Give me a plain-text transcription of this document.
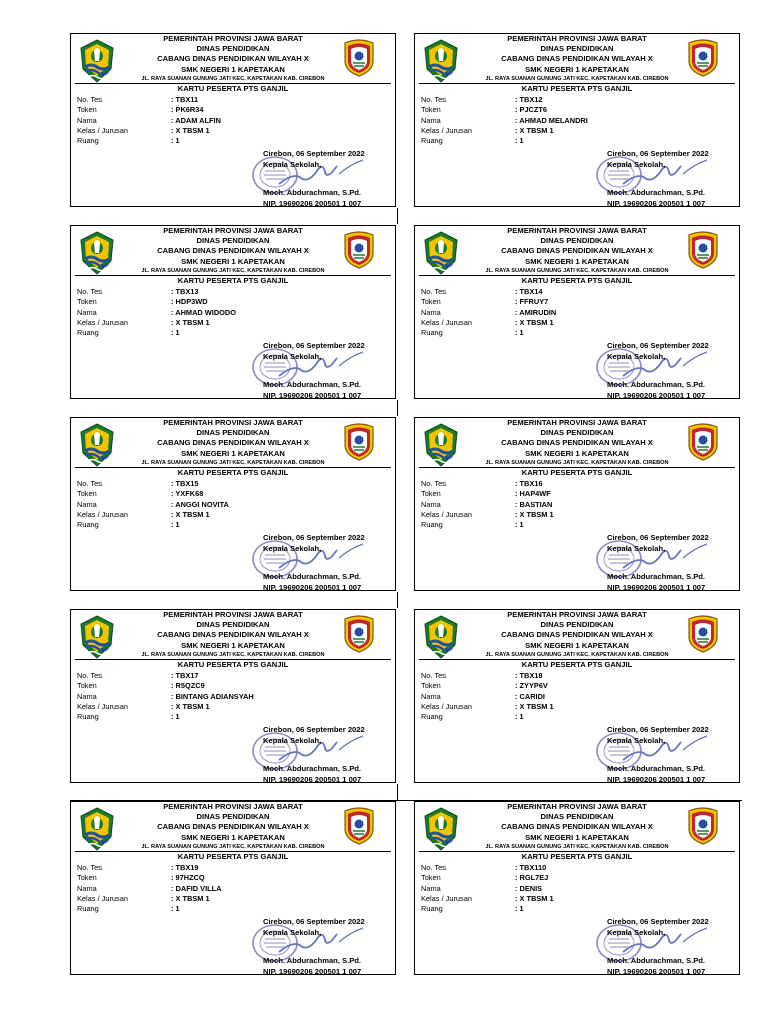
PEMERINTAH PROVINSI JAWA BARAT
DINAS PENDIDIKAN
CABANG DINAS PENDIDIKAN WILAYAH X
SMK NEGERI 1 KAPETAKAN
JL. RAYA SUANAN GUNUNG JATI KEC. KAPETAKAN KAB. CIREBON
KARTU PESERTA PTS GANJIL
No. Tes	: TBX11
Token	: PK6R34
Nama	: ADAM ALFIN
Kelas / Jurusan	: X TBSM 1
Ruang	: 1
Cirebon, 06 September 2022
Kepala Sekolah,
Moch. Abdurachman, S.Pd.
NIP. 19690206 200501 1 007
PEMERINTAH PROVINSI JAWA BARAT
DINAS PENDIDIKAN
CABANG DINAS PENDIDIKAN WILAYAH X
SMK NEGERI 1 KAPETAKAN
JL. RAYA SUANAN GUNUNG JATI KEC. KAPETAKAN KAB. CIREBON
KARTU PESERTA PTS GANJIL
No. Tes	: TBX12
Token	: PJCZT6
Nama	: AHMAD MELANDRI
Kelas / Jurusan	: X TBSM 1
Ruang	: 1
Cirebon, 06 September 2022
Kepala Sekolah,
Moch. Abdurachman, S.Pd.
NIP. 19690206 200501 1 007
PEMERINTAH PROVINSI JAWA BARAT
DINAS PENDIDIKAN
CABANG DINAS PENDIDIKAN WILAYAH X
SMK NEGERI 1 KAPETAKAN
JL. RAYA SUANAN GUNUNG JATI KEC. KAPETAKAN KAB. CIREBON
KARTU PESERTA PTS GANJIL
No. Tes	: TBX13
Token	: HDP3WD
Nama	: AHMAD WIDODO
Kelas / Jurusan	: X TBSM 1
Ruang	: 1
Cirebon, 06 September 2022
Kepala Sekolah,
Moch. Abdurachman, S.Pd.
NIP. 19690206 200501 1 007
PEMERINTAH PROVINSI JAWA BARAT
DINAS PENDIDIKAN
CABANG DINAS PENDIDIKAN WILAYAH X
SMK NEGERI 1 KAPETAKAN
JL. RAYA SUANAN GUNUNG JATI KEC. KAPETAKAN KAB. CIREBON
KARTU PESERTA PTS GANJIL
No. Tes	: TBX14
Token	: FFRUY7
Nama	: AMIRUDIN
Kelas / Jurusan	: X TBSM 1
Ruang	: 1
Cirebon, 06 September 2022
Kepala Sekolah,
Moch. Abdurachman, S.Pd.
NIP. 19690206 200501 1 007
PEMERINTAH PROVINSI JAWA BARAT
DINAS PENDIDIKAN
CABANG DINAS PENDIDIKAN WILAYAH X
SMK NEGERI 1 KAPETAKAN
JL. RAYA SUANAN GUNUNG JATI KEC. KAPETAKAN KAB. CIREBON
KARTU PESERTA PTS GANJIL
No. Tes	: TBX15
Token	: YXFK68
Nama	: ANGGI NOVITA
Kelas / Jurusan	: X TBSM 1
Ruang	: 1
Cirebon, 06 September 2022
Kepala Sekolah,
Moch. Abdurachman, S.Pd.
NIP. 19690206 200501 1 007
PEMERINTAH PROVINSI JAWA BARAT
DINAS PENDIDIKAN
CABANG DINAS PENDIDIKAN WILAYAH X
SMK NEGERI 1 KAPETAKAN
JL. RAYA SUANAN GUNUNG JATI KEC. KAPETAKAN KAB. CIREBON
KARTU PESERTA PTS GANJIL
No. Tes	: TBX16
Token	: HAP4WF
Nama	: BASTIAN
Kelas / Jurusan	: X TBSM 1
Ruang	: 1
Cirebon, 06 September 2022
Kepala Sekolah,
Moch. Abdurachman, S.Pd.
NIP. 19690206 200501 1 007
PEMERINTAH PROVINSI JAWA BARAT
DINAS PENDIDIKAN
CABANG DINAS PENDIDIKAN WILAYAH X
SMK NEGERI 1 KAPETAKAN
JL. RAYA SUANAN GUNUNG JATI KEC. KAPETAKAN KAB. CIREBON
KARTU PESERTA PTS GANJIL
No. Tes	: TBX17
Token	: R5QZC9
Nama	: BINTANG ADIANSYAH
Kelas / Jurusan	: X TBSM 1
Ruang	: 1
Cirebon, 06 September 2022
Kepala Sekolah,
Moch. Abdurachman, S.Pd.
NIP. 19690206 200501 1 007
PEMERINTAH PROVINSI JAWA BARAT
DINAS PENDIDIKAN
CABANG DINAS PENDIDIKAN WILAYAH X
SMK NEGERI 1 KAPETAKAN
JL. RAYA SUANAN GUNUNG JATI KEC. KAPETAKAN KAB. CIREBON
KARTU PESERTA PTS GANJIL
No. Tes	: TBX18
Token	: ZYYP6V
Nama	: CARIDI
Kelas / Jurusan	: X TBSM 1
Ruang	: 1
Cirebon, 06 September 2022
Kepala Sekolah,
Moch. Abdurachman, S.Pd.
NIP. 19690206 200501 1 007
PEMERINTAH PROVINSI JAWA BARAT
DINAS PENDIDIKAN
CABANG DINAS PENDIDIKAN WILAYAH X
SMK NEGERI 1 KAPETAKAN
JL. RAYA SUANAN GUNUNG JATI KEC. KAPETAKAN KAB. CIREBON
KARTU PESERTA PTS GANJIL
No. Tes	: TBX19
Token	: 97HZCQ
Nama	: DAFID VILLA
Kelas / Jurusan	: X TBSM 1
Ruang	: 1
Cirebon, 06 September 2022
Kepala Sekolah,
Moch. Abdurachman, S.Pd.
NIP. 19690206 200501 1 007
PEMERINTAH PROVINSI JAWA BARAT
DINAS PENDIDIKAN
CABANG DINAS PENDIDIKAN WILAYAH X
SMK NEGERI 1 KAPETAKAN
JL. RAYA SUANAN GUNUNG JATI KEC. KAPETAKAN KAB. CIREBON
KARTU PESERTA PTS GANJIL
No. Tes	: TBX110
Token	: RGL7EJ
Nama	: DENIS
Kelas / Jurusan	: X TBSM 1
Ruang	: 1
Cirebon, 06 September 2022
Kepala Sekolah,
Moch. Abdurachman, S.Pd.
NIP. 19690206 200501 1 007
